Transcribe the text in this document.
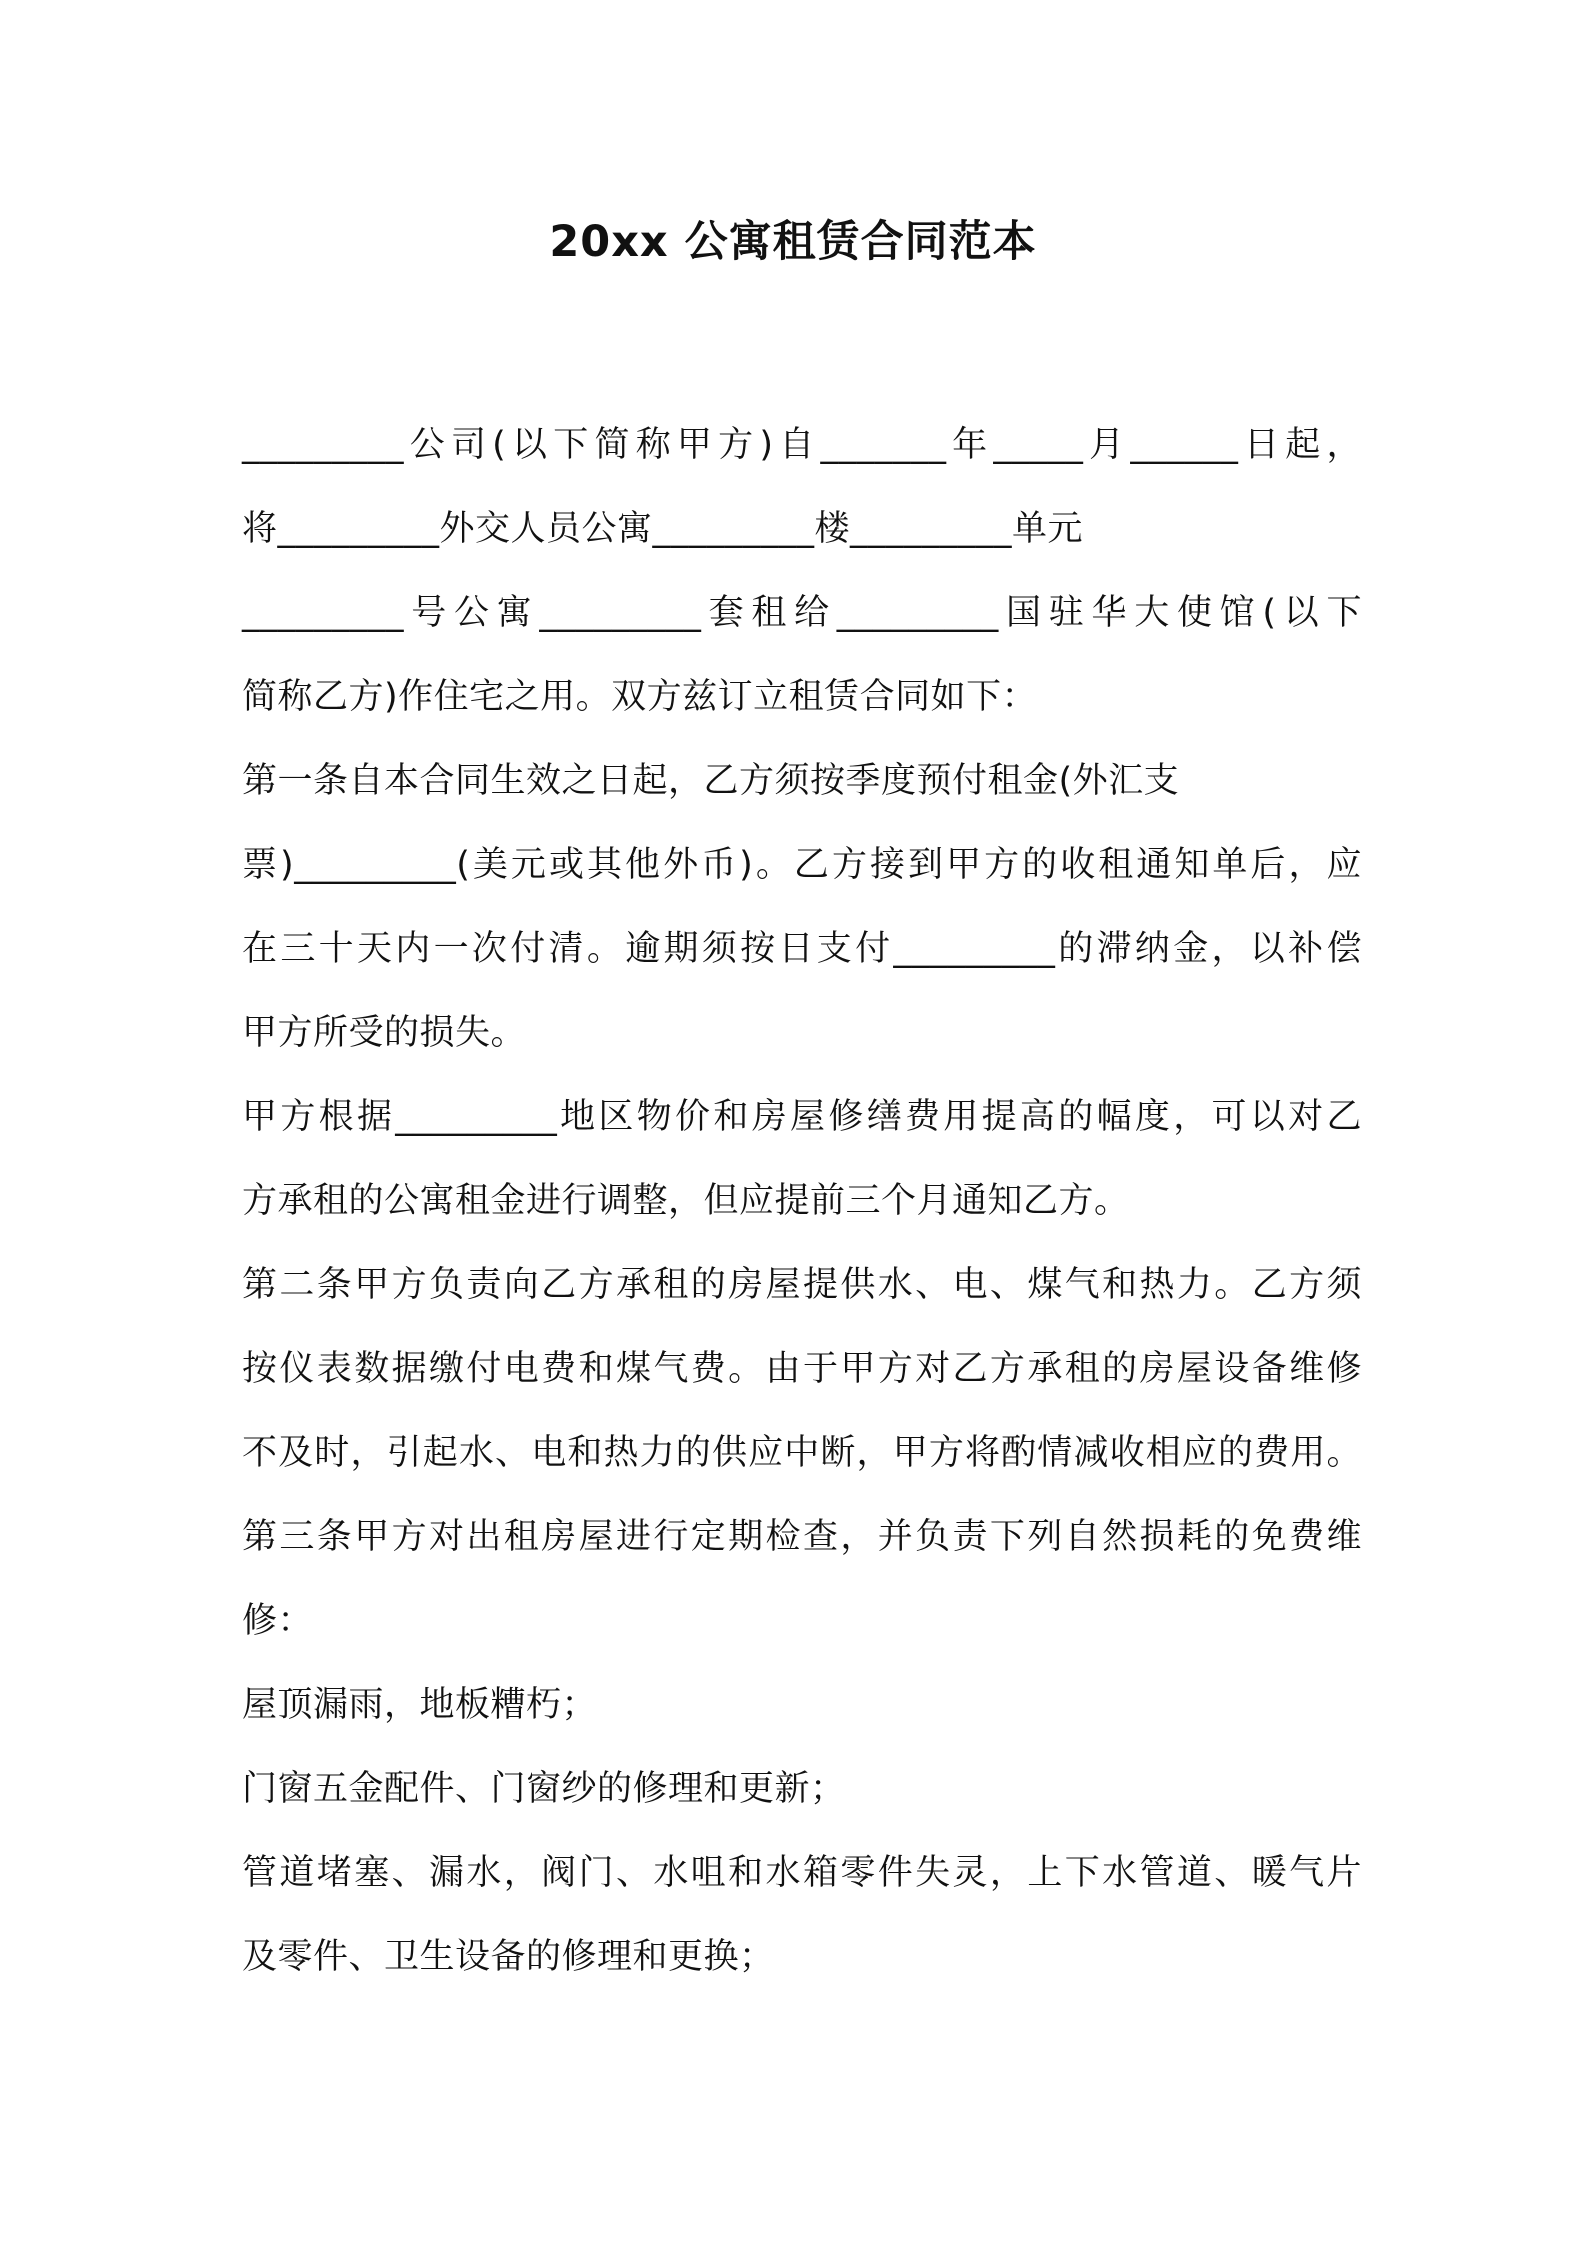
20xx 公寓租赁合同范本
_________公司(以下简称甲方)自_______年_____月______日起，
将_________外交人员公寓_________楼_________单元
_________号公寓_________套租给_________国驻华大使馆(以下
简称乙方)作住宅之用。双方兹订立租赁合同如下：
第一条自本合同生效之日起，乙方须按季度预付租金(外汇支
票)_________(美元或其他外币)。乙方接到甲方的收租通知单后，应
在三十天内一次付清。逾期须按日支付_________的滞纳金，以补偿
甲方所受的损失。
甲方根据_________地区物价和房屋修缮费用提高的幅度，可以对乙
方承租的公寓租金进行调整，但应提前三个月通知乙方。
第二条甲方负责向乙方承租的房屋提供水、电、煤气和热力。乙方须
按仪表数据缴付电费和煤气费。由于甲方对乙方承租的房屋设备维修
不及时，引起水、电和热力的供应中断，甲方将酌情减收相应的费用。
第三条甲方对出租房屋进行定期检查，并负责下列自然损耗的免费维
修：
屋顶漏雨，地板糟朽；
门窗五金配件、门窗纱的修理和更新；
管道堵塞、漏水，阀门、水咀和水箱零件失灵，上下水管道、暖气片
及零件、卫生设备的修理和更换；
